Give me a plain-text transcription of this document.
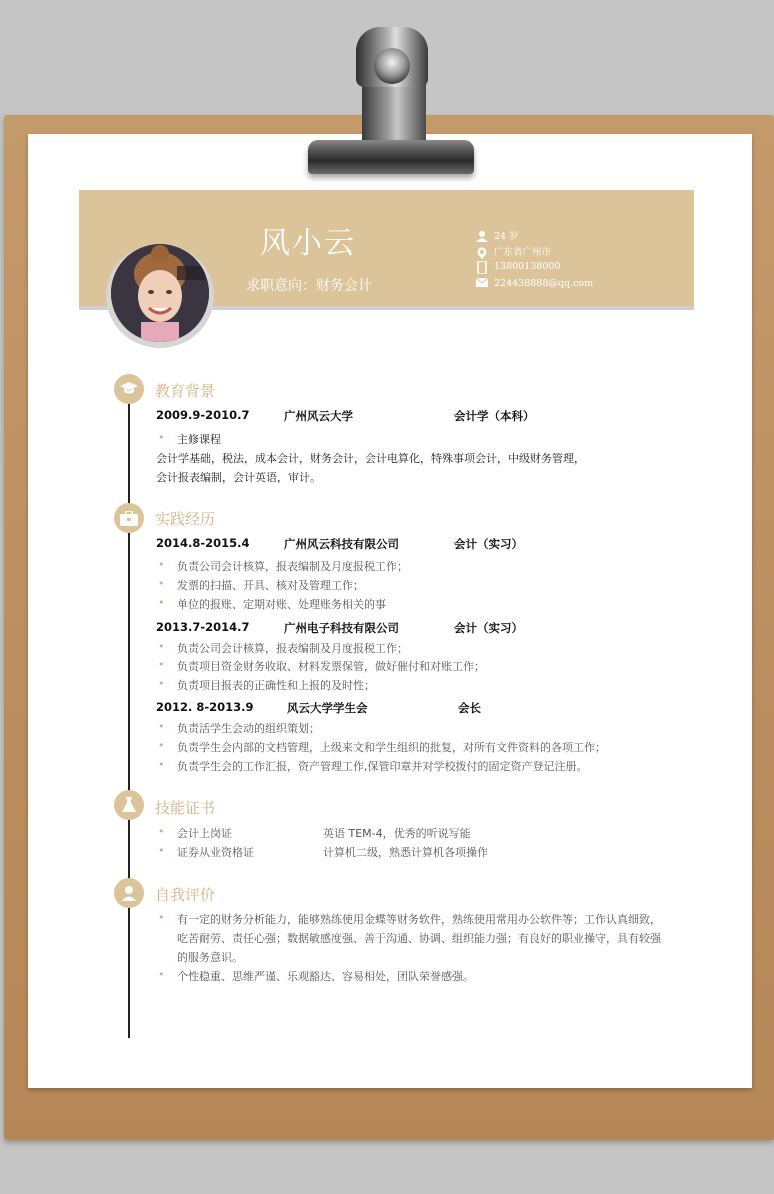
风小云
求职意向：财务会计
24 岁
广东省广州市
13800138000
224438888@qq.com
教育背景
2009.9-2010.7	广州风云大学	会计学（本科）
• 主修课程
会计学基础，税法，成本会计，财务会计，会计电算化，特殊事项会计，中级财务管理，
会计报表编制，会计英语，审计。
实践经历
2014.8-2015.4	广州风云科技有限公司	会计（实习）
• 负责公司会计核算，报表编制及月度报税工作；
• 发票的扫描、开具、核对及管理工作；
• 单位的报账、定期对账、处理账务相关的事
2013.7-2014.7	广州电子科技有限公司	会计（实习）
• 负责公司会计核算，报表编制及月度报税工作；
• 负责项目资金财务收取、材料发票保管，做好催付和对账工作；
• 负责项目报表的正确性和上报的及时性；
2012. 8-2013.9	风云大学学生会	会长
• 负责活学生会动的组织策划；
• 负责学生会内部的文档管理，上级来文和学生组织的批复，对所有文件资料的各项工作；
• 负责学生会的工作汇报，资产管理工作,保管印章并对学校拨付的固定资产登记注册。
技能证书
• 会计上岗证	英语 TEM-4，优秀的听说写能
• 证券从业资格证	计算机二级，熟悉计算机各项操作
自我评价
• 有一定的财务分析能力，能够熟练使用金蝶等财务软件，熟练使用常用办公软件等；工作认真细致，
吃苦耐劳、责任心强；数据敏感度强、善于沟通、协调、组织能力强；有良好的职业操守，具有较强
的服务意识。
• 个性稳重、思维严谨、乐观豁达、容易相处，团队荣誉感强。
